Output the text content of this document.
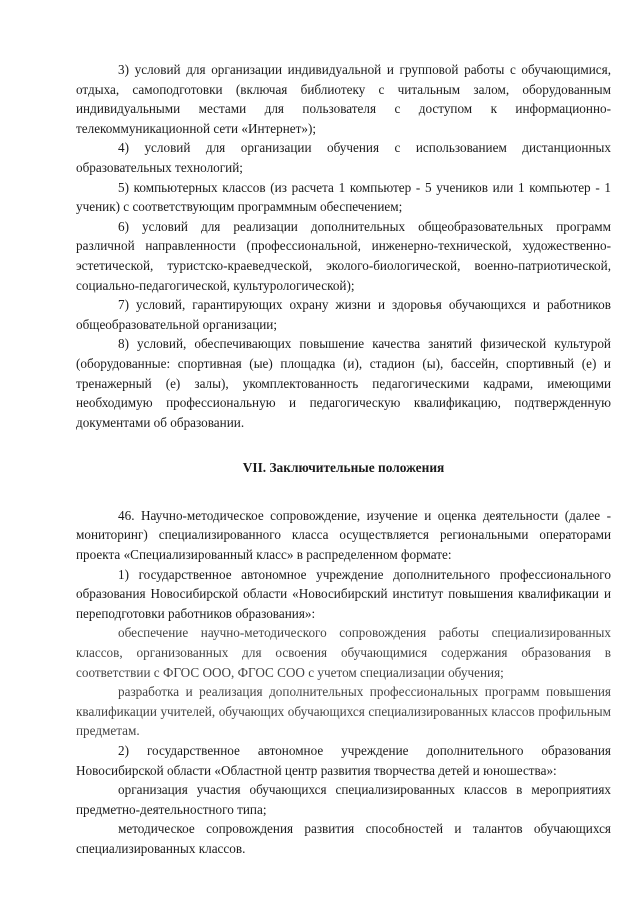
3) условий для организации индивидуальной и групповой работы с обучающимися, отдыха, самоподготовки (включая библиотеку с читальным залом, оборудованным индивидуальными местами для пользователя с доступом к информационно-телекоммуникационной сети «Интернет»);

4) условий для организации обучения с использованием дистанционных образовательных технологий;

5) компьютерных классов (из расчета 1 компьютер - 5 учеников или 1 компьютер - 1 ученик) с соответствующим программным обеспечением;

6) условий для реализации дополнительных общеобразовательных программ различной направленности (профессиональной, инженерно-технической, художественно-эстетической, туристско-краеведческой, эколого-биологической, военно-патриотической, социально-педагогической, культурологической);

7) условий, гарантирующих охрану жизни и здоровья обучающихся и работников общеобразовательной организации;

8) условий, обеспечивающих повышение качества занятий физической культурой (оборудованные: спортивная (ые) площадка (и), стадион (ы), бассейн, спортивный (е) и тренажерный (е) залы), укомплектованность педагогическими кадрами, имеющими необходимую профессиональную и педагогическую квалификацию, подтвержденную документами об образовании.

VII. Заключительные положения

46. Научно-методическое сопровождение, изучение и оценка деятельности (далее - мониторинг) специализированного класса осуществляется региональными операторами проекта «Специализированный класс» в распределенном формате:

1) государственное автономное учреждение дополнительного профессионального образования Новосибирской области «Новосибирский институт повышения квалификации и переподготовки работников образования»:

обеспечение научно-методического сопровождения работы специализированных классов, организованных для освоения обучающимися содержания образования в соответствии с ФГОС ООО, ФГОС СОО с учетом специализации обучения;

разработка и реализация дополнительных профессиональных программ повышения квалификации учителей, обучающих обучающихся специализированных классов профильным предметам.

2) государственное автономное учреждение дополнительного образования Новосибирской области «Областной центр развития творчества детей и юношества»:

организация участия обучающихся специализированных классов в мероприятиях предметно-деятельностного типа;

методическое сопровождения развития способностей и талантов обучающихся специализированных классов.
